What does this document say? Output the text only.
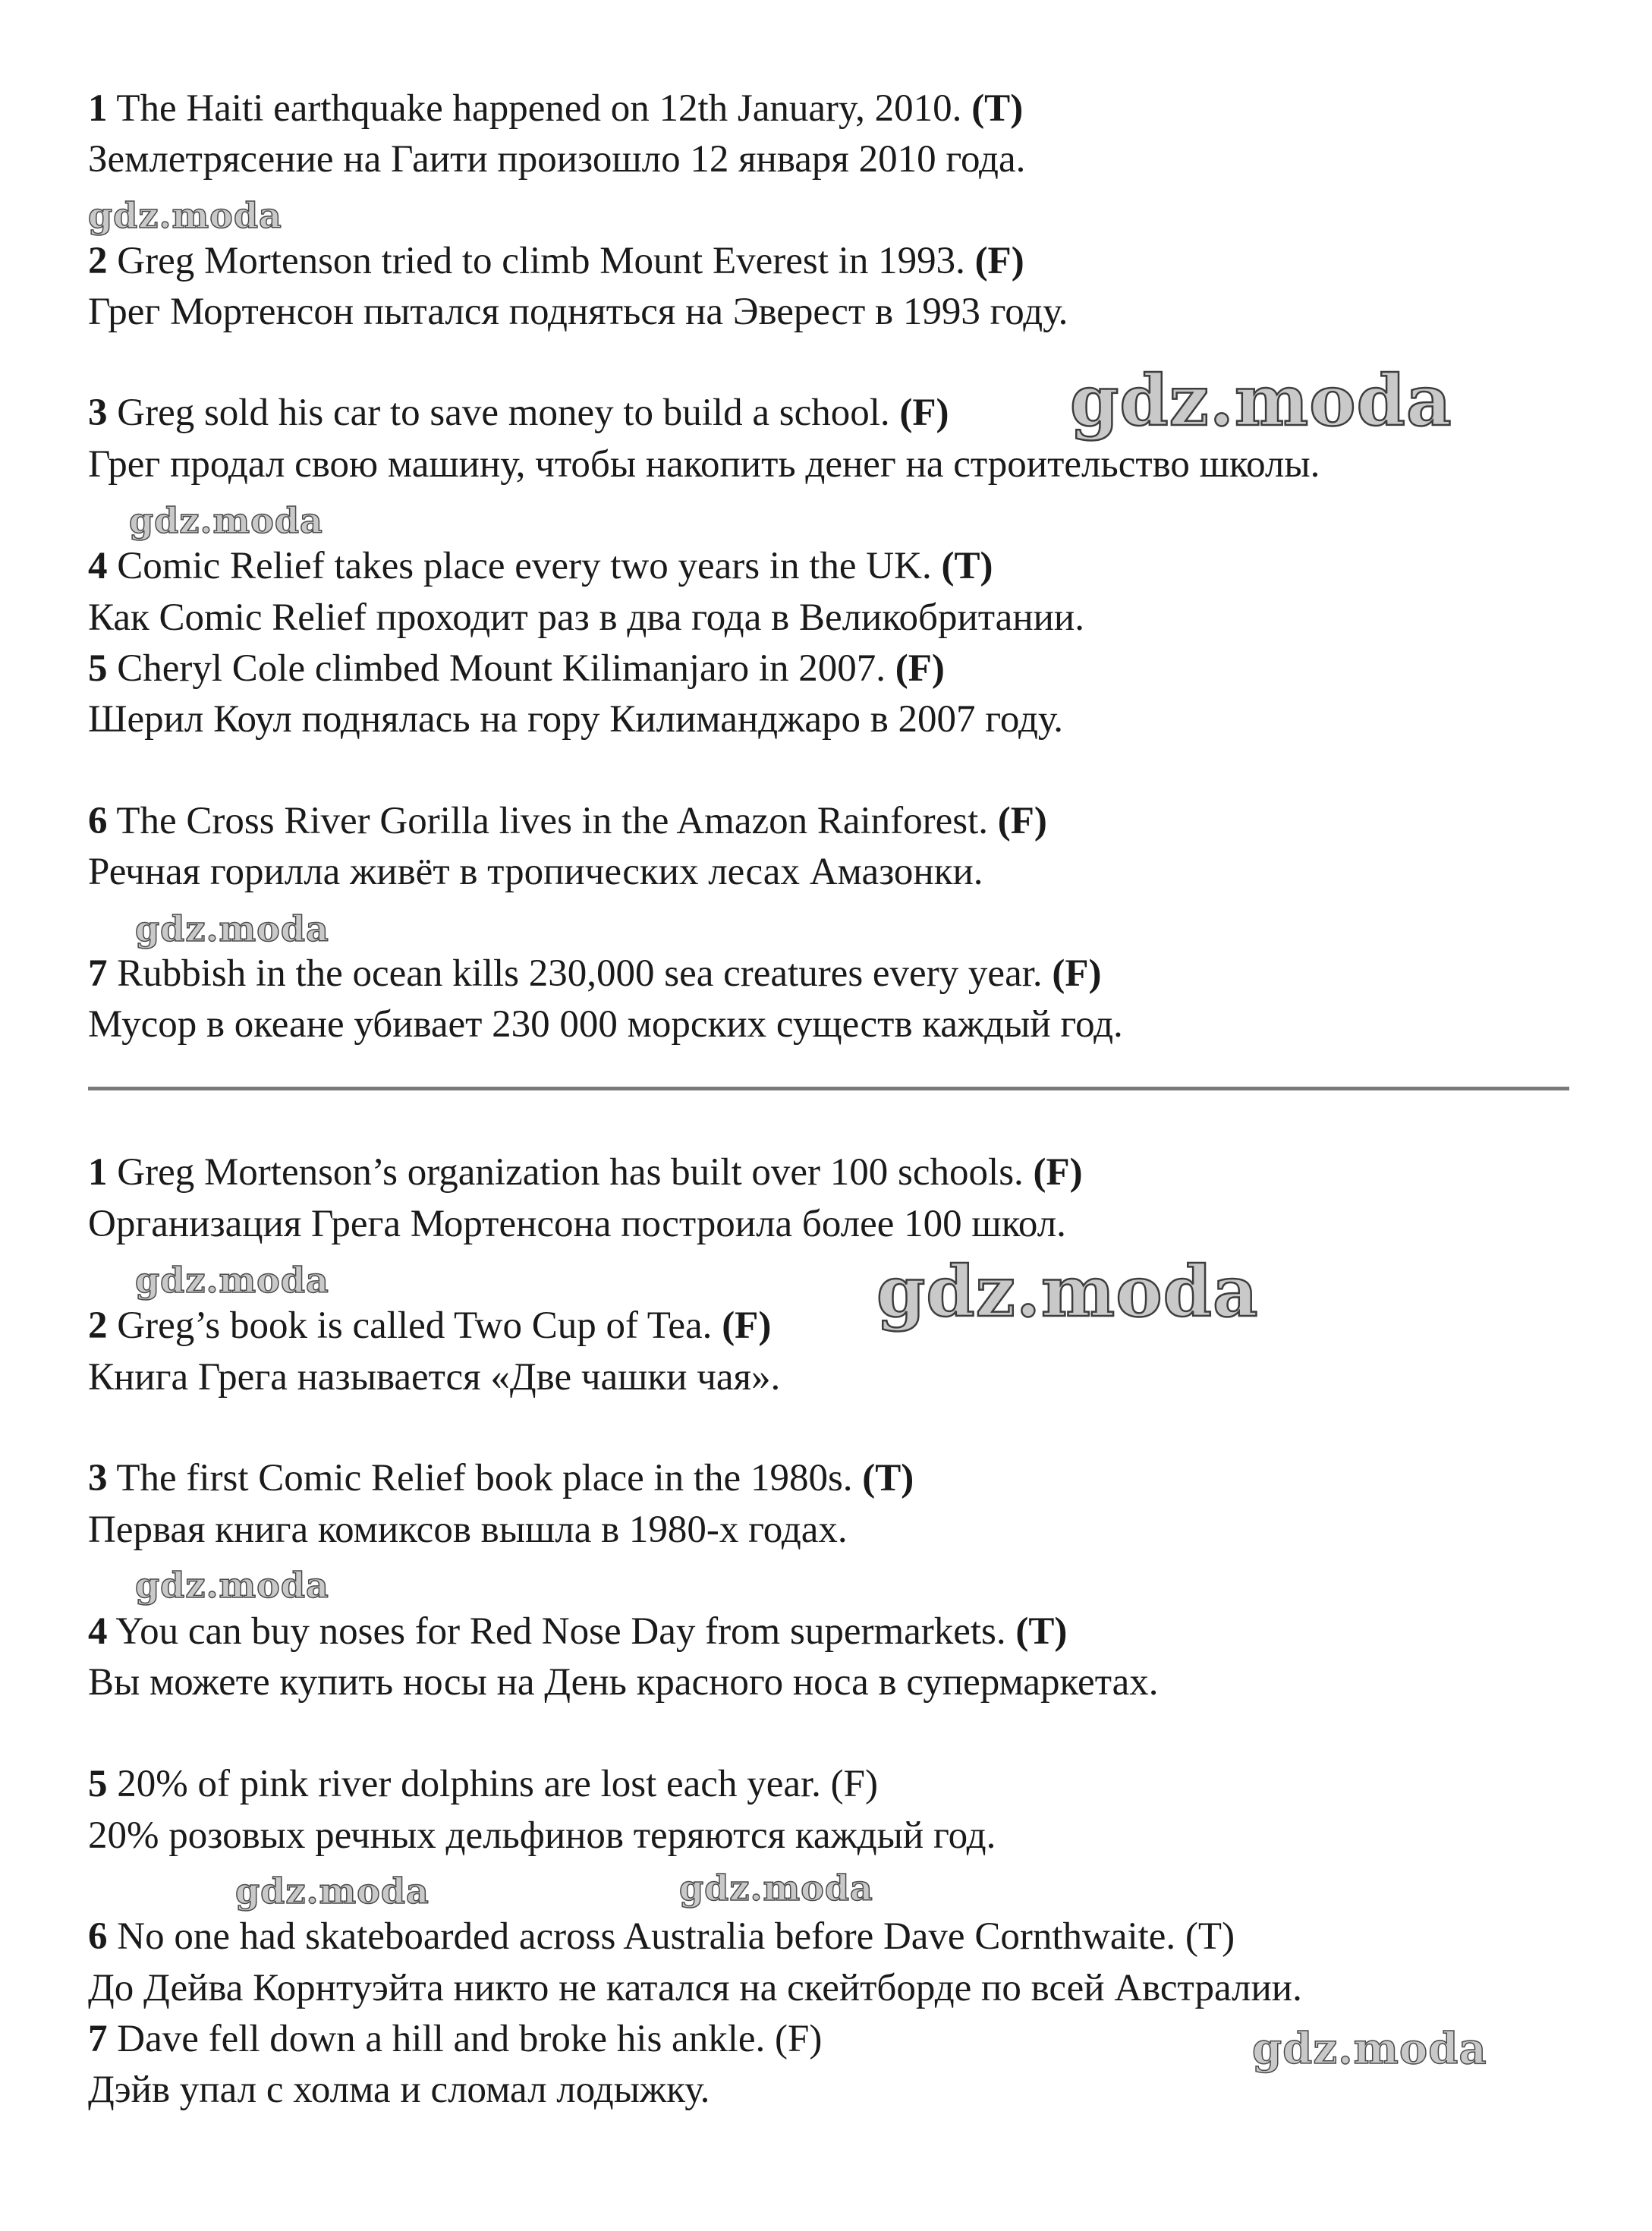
1 The Haiti earthquake happened on 12th January, 2010. (T)

Землетрясение на Гаити произошло 12 января 2010 года.

gdz.moda

2 Greg Mortenson tried to climb Mount Everest in 1993. (F)

Грег Мортенсон пытался подняться на Эверест в 1993 году.

3 Greg sold his car to save money to build a school. (F) gdz.moda

Грег продал свою машину, чтобы накопить денег на строительство школы.

gdz.moda

4 Comic Relief takes place every two years in the UK. (T)

Как Comic Relief проходит раз в два года в Великобритании.

5 Cheryl Cole climbed Mount Kilimanjaro in 2007. (F)

Шерил Коул поднялась на гору Килиманджаро в 2007 году.

6 The Cross River Gorilla lives in the Amazon Rainforest. (F)

Речная горилла живёт в тропических лесах Амазонки.

gdz.moda

7 Rubbish in the ocean kills 230,000 sea creatures every year. (F)

Мусор в океане убивает 230 000 морских существ каждый год.

1 Greg Mortenson’s organization has built over 100 schools. (F)

Организация Грега Мортенсона построила более 100 школ.

gdz.moda

2 Greg’s book is called Two Cup of Tea. (F) gdz.moda

Книга Грега называется «Две чашки чая».

3 The first Comic Relief book place in the 1980s. (T)

Первая книга комиксов вышла в 1980-х годах.

gdz.moda

4 You can buy noses for Red Nose Day from supermarkets. (T)

Вы можете купить носы на День красного носа в супермаркетах.

5 20% of pink river dolphins are lost each year. (F)

20% розовых речных дельфинов теряются каждый год.

gdz.moda	gdz.moda

6 No one had skateboarded across Australia before Dave Cornthwaite. (T)

До Дейва Корнтуэйта никто не катался на скейтборде по всей Австралии.

7 Dave fell down a hill and broke his ankle. (F)	gdz.moda

Дэйв упал с холма и сломал лодыжку.
